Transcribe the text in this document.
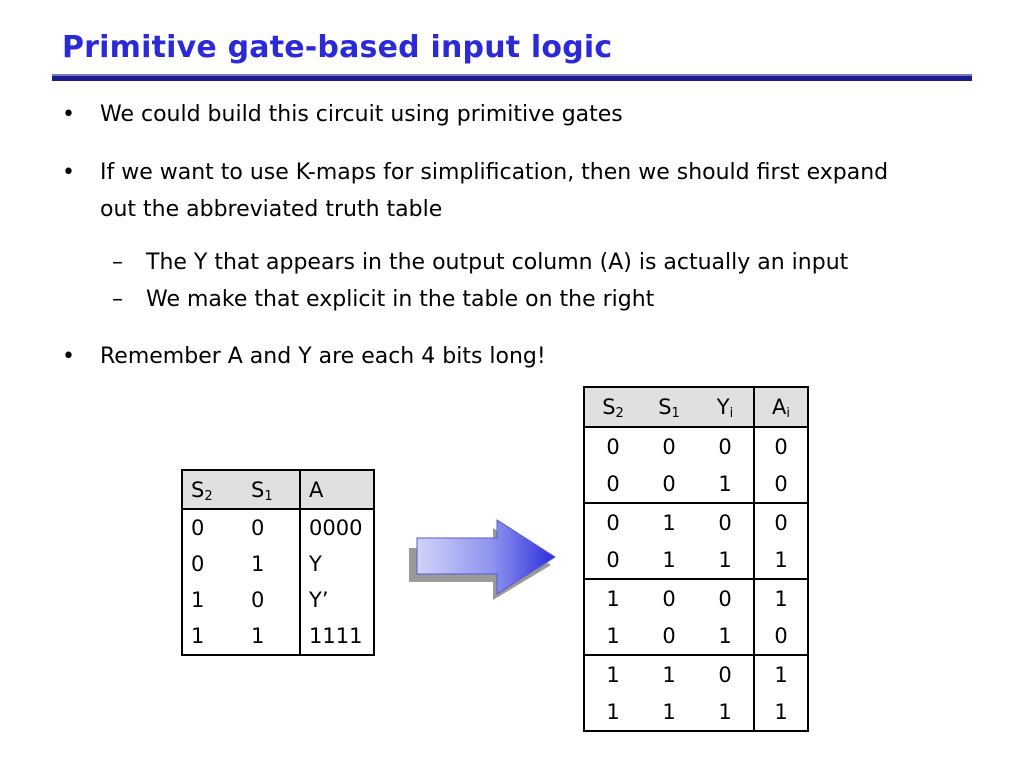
Primitive gate-based input logic
• We could build this circuit using primitive gates
• If we want to use K-maps for simplification, then we should first expand
out the abbreviated truth table
– The Y that appears in the output column (A) is actually an input
– We make that explicit in the table on the right
• Remember A and Y are each 4 bits long!
$S_2$	$S_1$	A
0	0	0000
0	1	Y
1	0	Y’
1	1	1111
$S_2$	$S_1$	$Y_i$	$A_i$
0	0	0	0
0	0	1	0
0	1	0	0
0	1	1	1
1	0	0	1
1	0	1	0
1	1	0	1
1	1	1	1
